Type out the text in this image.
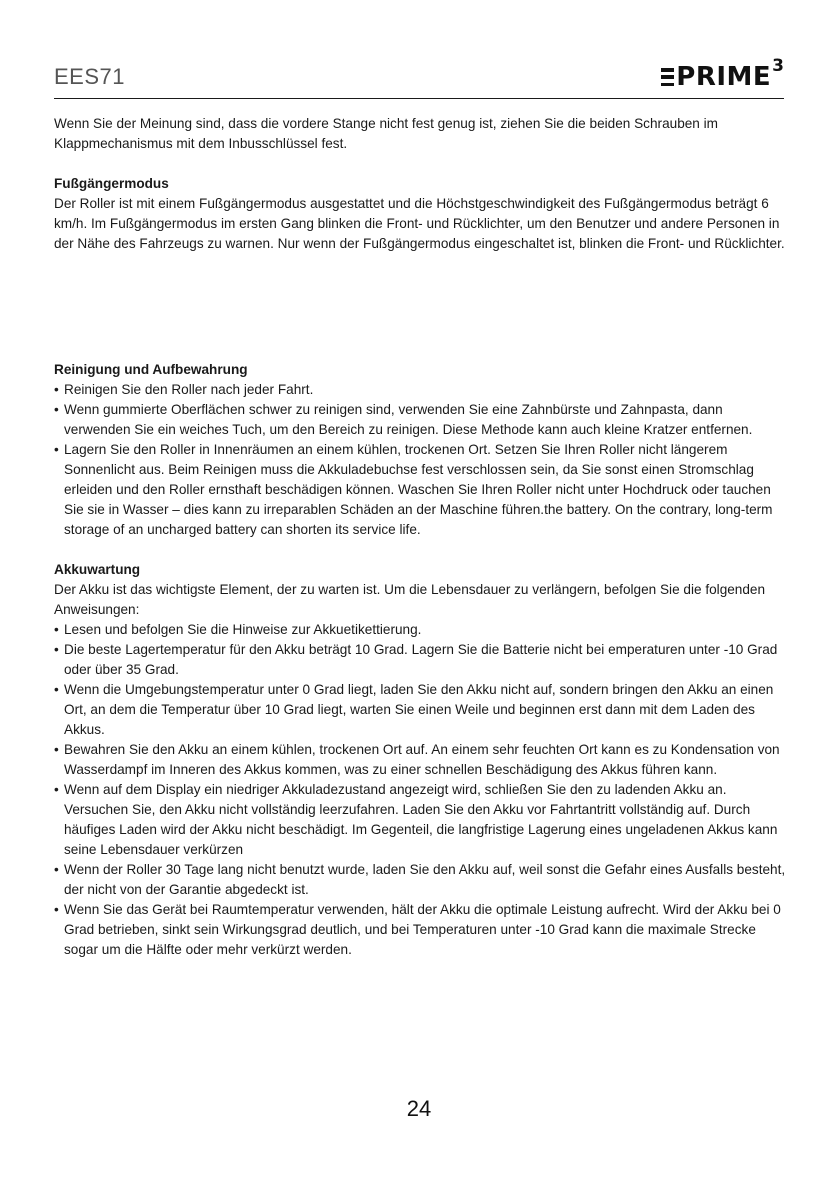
EES71	PRIME 3

Wenn Sie der Meinung sind, dass die vordere Stange nicht fest genug ist, ziehen Sie die beiden Schrauben im Klappmechanismus mit dem Inbusschlüssel fest.

Fußgängermodus

Der Roller ist mit einem Fußgängermodus ausgestattet und die Höchstgeschwindigkeit des Fußgängermodus beträgt 6 km/h. Im Fußgängermodus im ersten Gang blinken die Front- und Rücklichter, um den Benutzer und andere Personen in der Nähe des Fahrzeugs zu warnen. Nur wenn der Fußgängermodus eingeschaltet ist, blinken die Front- und Rücklichter.

Reinigung und Aufbewahrung

• Reinigen Sie den Roller nach jeder Fahrt.
• Wenn gummierte Oberflächen schwer zu reinigen sind, verwenden Sie eine Zahnbürste und Zahnpasta, dann verwenden Sie ein weiches Tuch, um den Bereich zu reinigen. Diese Methode kann auch kleine Kratzer entfernen.
• Lagern Sie den Roller in Innenräumen an einem kühlen, trockenen Ort. Setzen Sie Ihren Roller nicht längerem Sonnenlicht aus. Beim Reinigen muss die Akkuladebuchse fest verschlossen sein, da Sie sonst einen Stromschlag erleiden und den Roller ernsthaft beschädigen können. Waschen Sie Ihren Roller nicht unter Hochdruck oder tauchen Sie sie in Wasser – dies kann zu irreparablen Schäden an der Maschine führen.the battery. On the contrary, long-term storage of an uncharged battery can shorten its service life.

Akkuwartung

Der Akku ist das wichtigste Element, der zu warten ist. Um die Lebensdauer zu verlängern, befolgen Sie die folgenden Anweisungen:

• Lesen und befolgen Sie die Hinweise zur Akkuetikettierung.
• Die beste Lagertemperatur für den Akku beträgt 10 Grad. Lagern Sie die Batterie nicht bei emperaturen unter -10 Grad oder über 35 Grad.
• Wenn die Umgebungstemperatur unter 0 Grad liegt, laden Sie den Akku nicht auf, sondern bringen den Akku an einen Ort, an dem die Temperatur über 10 Grad liegt, warten Sie einen Weile und beginnen erst dann mit dem Laden des Akkus.
• Bewahren Sie den Akku an einem kühlen, trockenen Ort auf. An einem sehr feuchten Ort kann es zu Kondensation von Wasserdampf im Inneren des Akkus kommen, was zu einer schnellen Beschädigung des Akkus führen kann.
• Wenn auf dem Display ein niedriger Akkuladezustand angezeigt wird, schließen Sie den zu ladenden Akku an. Versuchen Sie, den Akku nicht vollständig leerzufahren. Laden Sie den Akku vor Fahrtantritt vollständig auf. Durch häufiges Laden wird der Akku nicht beschädigt. Im Gegenteil, die langfristige Lagerung eines ungeladenen Akkus kann seine Lebensdauer verkürzen
• Wenn der Roller 30 Tage lang nicht benutzt wurde, laden Sie den Akku auf, weil sonst die Gefahr eines Ausfalls besteht, der nicht von der Garantie abgedeckt ist.
• Wenn Sie das Gerät bei Raumtemperatur verwenden, hält der Akku die optimale Leistung aufrecht. Wird der Akku bei 0 Grad betrieben, sinkt sein Wirkungsgrad deutlich, und bei Temperaturen unter -10 Grad kann die maximale Strecke sogar um die Hälfte oder mehr verkürzt werden.
24
